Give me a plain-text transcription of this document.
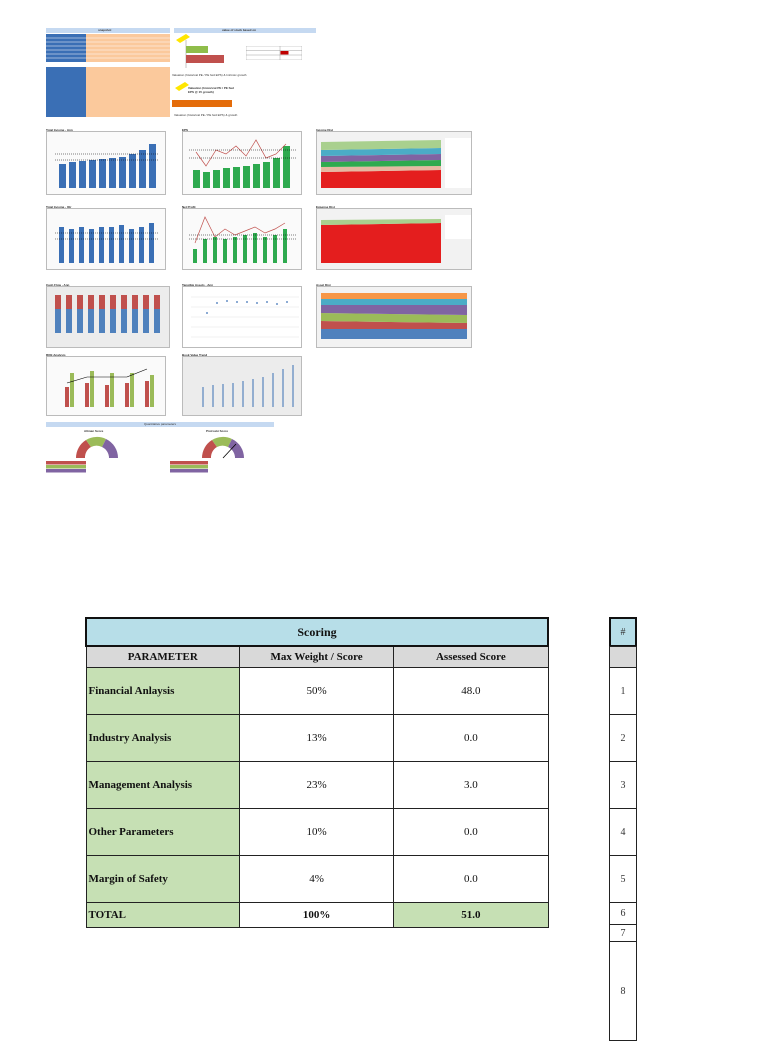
snapshot	value of stock based on
Valuation (historical PE / PE fwd EPS) & Intrinsic growth
Valuation (historical PE / PE fwd EPS @ 15 growth)
Valuation (historical PE / PE fwd EPS) & growth
Total Income - Ann	EPS	Income Dist
Total Income - Qtr	Net Profit	Expense Dist
Cash Flow - Ann	Tangible Assets - Ann	Asset Dist
ROE Analysis	Book Value Trend
Quantitative parameters
Altman Score	Piotroski Score
Scoring		
PARAMETER	Max Weight / Score	Assessed Score
Financial Anlaysis	50%	48.0
Industry Analysis	13%	0.0
Management Analysis	23%	3.0
Other Parameters	10%	0.0
Margin of Safety	4%	0.0
TOTAL	100%	51.0
#
1
2
3
4
5
6
7
8
